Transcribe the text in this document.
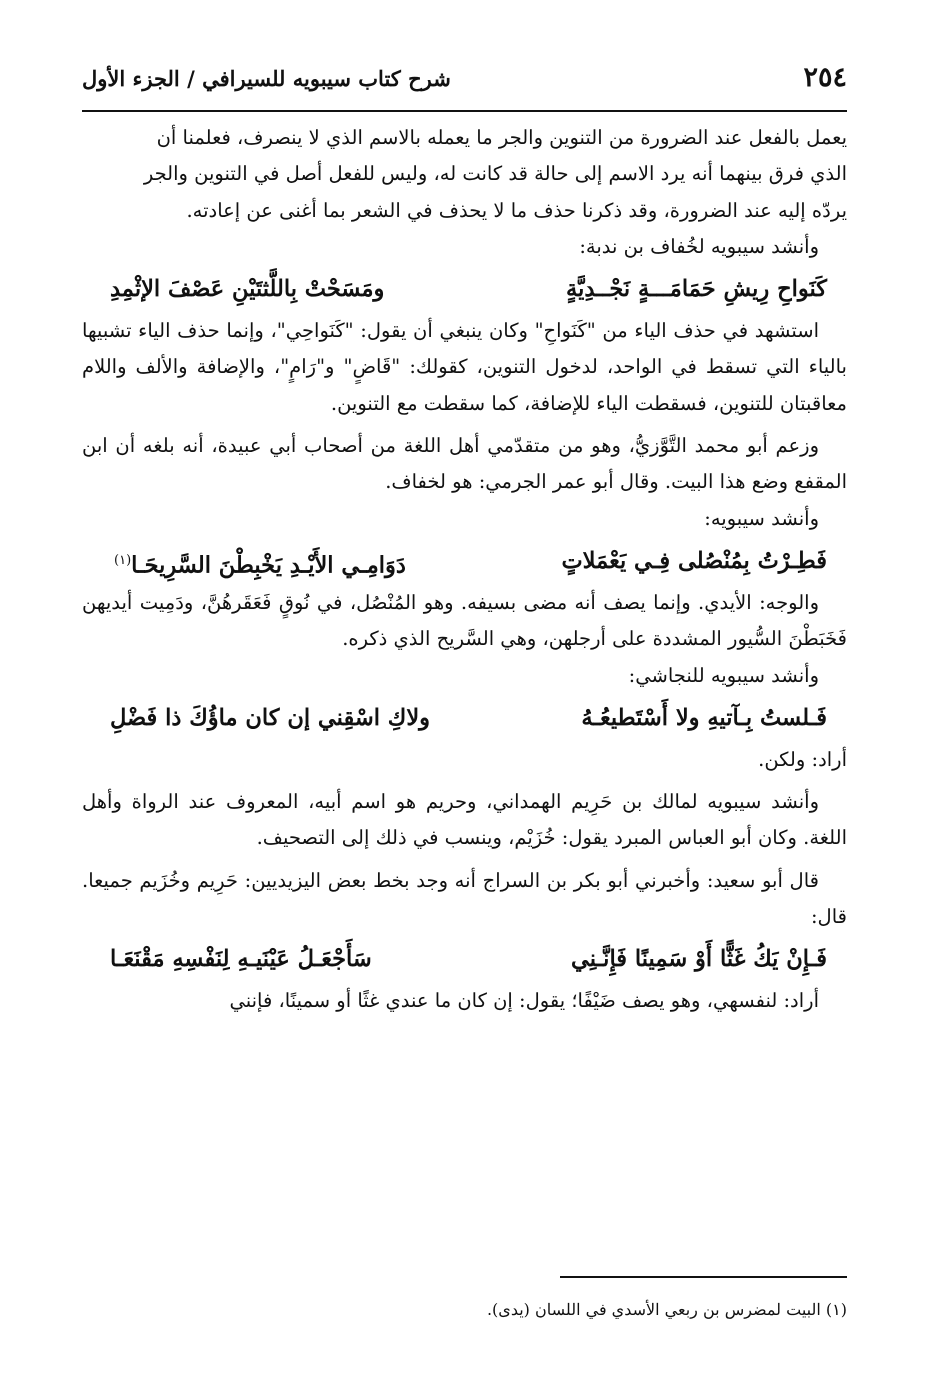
٢٥٤
شرح كتاب سيبويه للسيرافي / الجزء الأول

يعمل بالفعل عند الضرورة من التنوين والجر ما يعمله بالاسم الذي لا ينصرف، فعلمنا أن

الذي فرق بينهما أنه يرد الاسم إلى حالة قد كانت له، وليس للفعل أصل في التنوين والجر

يردّه إليه عند الضرورة، وقد ذكرنا حذف ما لا يحذف في الشعر بما أغنى عن إعادته.

وأنشد سيبويه لخُفاف بن ندبة:

كَنَواحِ رِيشِ حَمَامَـــةٍ نَجْــدِيَّةٍ
ومَسَحْتْ بِاللَّثتَيْنِ عَصْفَ الإثْمِدِ

استشهد في حذف الياء من "كَنَواحِ" وكان ينبغي أن يقول: "كَنَواحِي"، وإنما حذف الياء تشبيها بالياء التي تسقط في الواحد، لدخول التنوين، كقولك: "قَاضٍ" و"رَامٍ"، والإضافة والألف واللام معاقبتان للتنوين، فسقطت الياء للإضافة، كما سقطت مع التنوين.

وزعم أبو محمد التَّوَّزيُّ، وهو من متقدّمي أهل اللغة من أصحاب أبي عبيدة، أنه بلغه أن ابن المقفع وضع هذا البيت. وقال أبو عمر الجرمي: هو لخفاف.

وأنشد سيبويه:

فَطِـرْتُ بِمُنْصُلى فِـي يَعْمَلاتٍ
دَوَامِـي الأَيْـدِ يَخْبِطْنَ السَّرِيحَـا$^{(١)}$

والوجه: الأيدي. وإنما يصف أنه مضى بسيفه. وهو المُنْصُل، في نُوقٍ فَعَقَرهُنَّ، ودَمِيت أيديهن فَخَبَطْنَ السُّيور المشددة على أرجلهن، وهي السَّريح الذي ذكره.

وأنشد سيبويه للنجاشي:

فَـلستُ بِـآتيهِ ولا أَسْتَطيعُـهُ
ولاكِ اسْقِني إن كان ماؤُكَ ذا فَضْلِ

أراد: ولكن.

وأنشد سيبويه لمالك بن حَرِيم الهمداني، وحريم هو اسم أبيه، المعروف عند الرواة وأهل اللغة. وكان أبو العباس المبرد يقول: خُزَيْم، وينسب في ذلك إلى التصحيف.

قال أبو سعيد: وأخبرني أبو بكر بن السراج أنه وجد بخط بعض اليزيديين: حَرِيم وخُزَيم جميعا. قال:

فَـإِنْ يَكُ غَثًّا أَوْ سَمِينًا فَإِنَّـنِي
سَأَجْعَـلُ عَيْنَيـهِ لِنَفْسِهِ مَقْنَعَـا

أراد: لنفسهي، وهو يصف ضَيْفًا؛ يقول: إن كان ما عندي غثًا أو سمينًا، فإنني

(١) البيت لمضرس بن ربعي الأسدي في اللسان (يدى).
